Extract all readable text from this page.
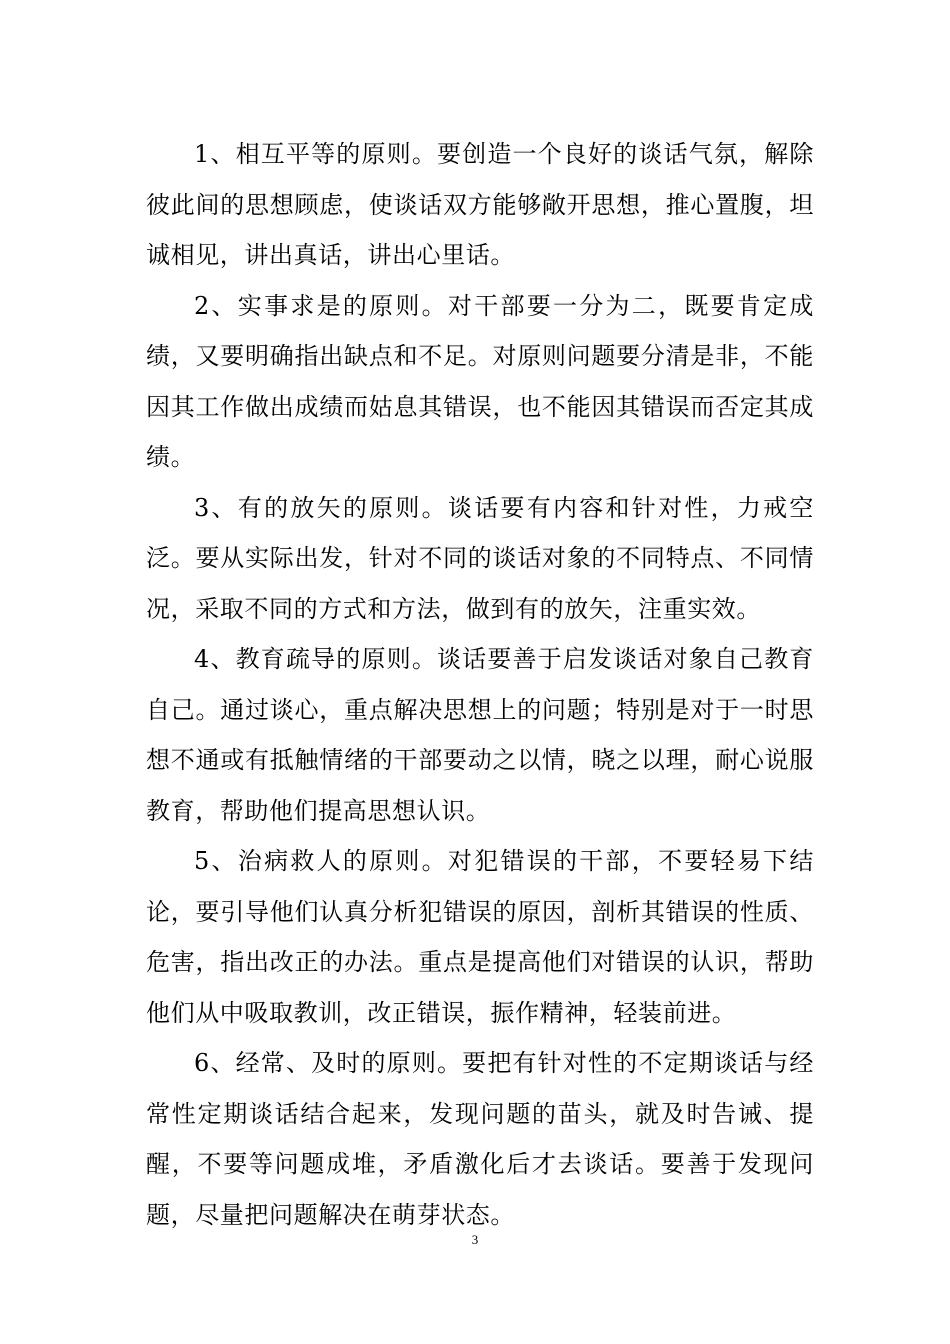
1、相互平等的原则。要创造一个良好的谈话气氛，解除彼此间的思想顾虑，使谈话双方能够敞开思想，推心置腹，坦诚相见，讲出真话，讲出心里话。

2、实事求是的原则。对干部要一分为二，既要肯定成绩，又要明确指出缺点和不足。对原则问题要分清是非，不能因其工作做出成绩而姑息其错误，也不能因其错误而否定其成绩。

3、有的放矢的原则。谈话要有内容和针对性，力戒空泛。要从实际出发，针对不同的谈话对象的不同特点、不同情况，采取不同的方式和方法，做到有的放矢，注重实效。

4、教育疏导的原则。谈话要善于启发谈话对象自己教育自己。通过谈心，重点解决思想上的问题；特别是对于一时思想不通或有抵触情绪的干部要动之以情，晓之以理，耐心说服教育，帮助他们提高思想认识。

5、治病救人的原则。对犯错误的干部，不要轻易下结论，要引导他们认真分析犯错误的原因，剖析其错误的性质、危害，指出改正的办法。重点是提高他们对错误的认识，帮助他们从中吸取教训，改正错误，振作精神，轻装前进。

6、经常、及时的原则。要把有针对性的不定期谈话与经常性定期谈话结合起来，发现问题的苗头，就及时告诫、提醒，不要等问题成堆，矛盾激化后才去谈话。要善于发现问题，尽量把问题解决在萌芽状态。

3
